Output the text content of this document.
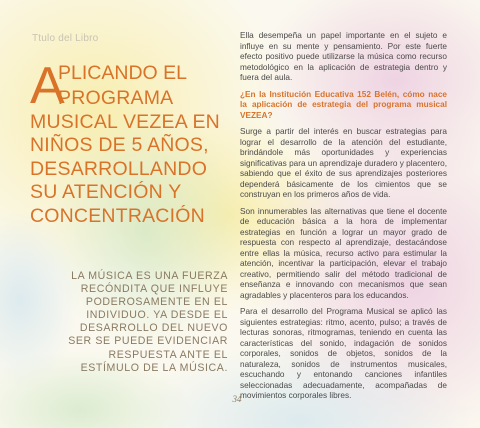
Ttulo del Libro
A
PLICANDO EL
PROGRAMA
MUSICAL VEZEA EN
NIÑOS DE 5 AÑOS,
DESARROLLANDO
SU ATENCIÓN Y
CONCENTRACIÓN
LA MÚSICA ES UNA FUERZA
RECÓNDITA QUE INFLUYE
PODEROSAMENTE EN EL
INDIVIDUO. YA DESDE EL
DESARROLLO DEL NUEVO
SER SE PUEDE EVIDENCIAR
RESPUESTA ANTE EL
ESTÍMULO DE LA MÚSICA.

Ella desempeña un papel importante en el sujeto e influye en su mente y pensamiento. Por este fuerte efecto positivo puede utilizarse la música como recurso metodológico en la aplicación de estrategia dentro y fuera del aula.

¿En la Institución Educativa 152 Belén, cómo nace la aplicación de estrategia del programa musical VEZEA?

Surge a partir del interés en buscar estrategias para lograr el desarrollo de la atención del estudiante, brindándole más oportunidades y experiencias significativas para un aprendizaje duradero y placentero, sabiendo que el éxito de sus aprendizajes posteriores dependerá básicamente de los cimientos que se construyan en los primeros años de vida.

Son innumerables las alternativas que tiene el docente de educación básica a la hora de implementar estrategias en función a lograr un mayor grado de respuesta con respecto al aprendizaje, destacándose entre ellas la música, recurso activo para estimular la atención, incentivar la participación, elevar el trabajo creativo, permitiendo salir del método tradicional de enseñanza e innovando con mecanismos que sean agradables y placenteros para los educandos.

Para el desarrollo del Programa Musical se aplicó las siguientes estrategias: ritmo, acento, pulso; a través de lecturas sonoras, ritmogramas, teniendo en cuenta las características del sonido, indagación de sonidos corporales, sonidos de objetos, sonidos de la naturaleza, sonidos de instrumentos musicales, escuchando y entonando canciones infantiles seleccionadas adecuadamente, acompañadas de movimientos corporales libres.

34
